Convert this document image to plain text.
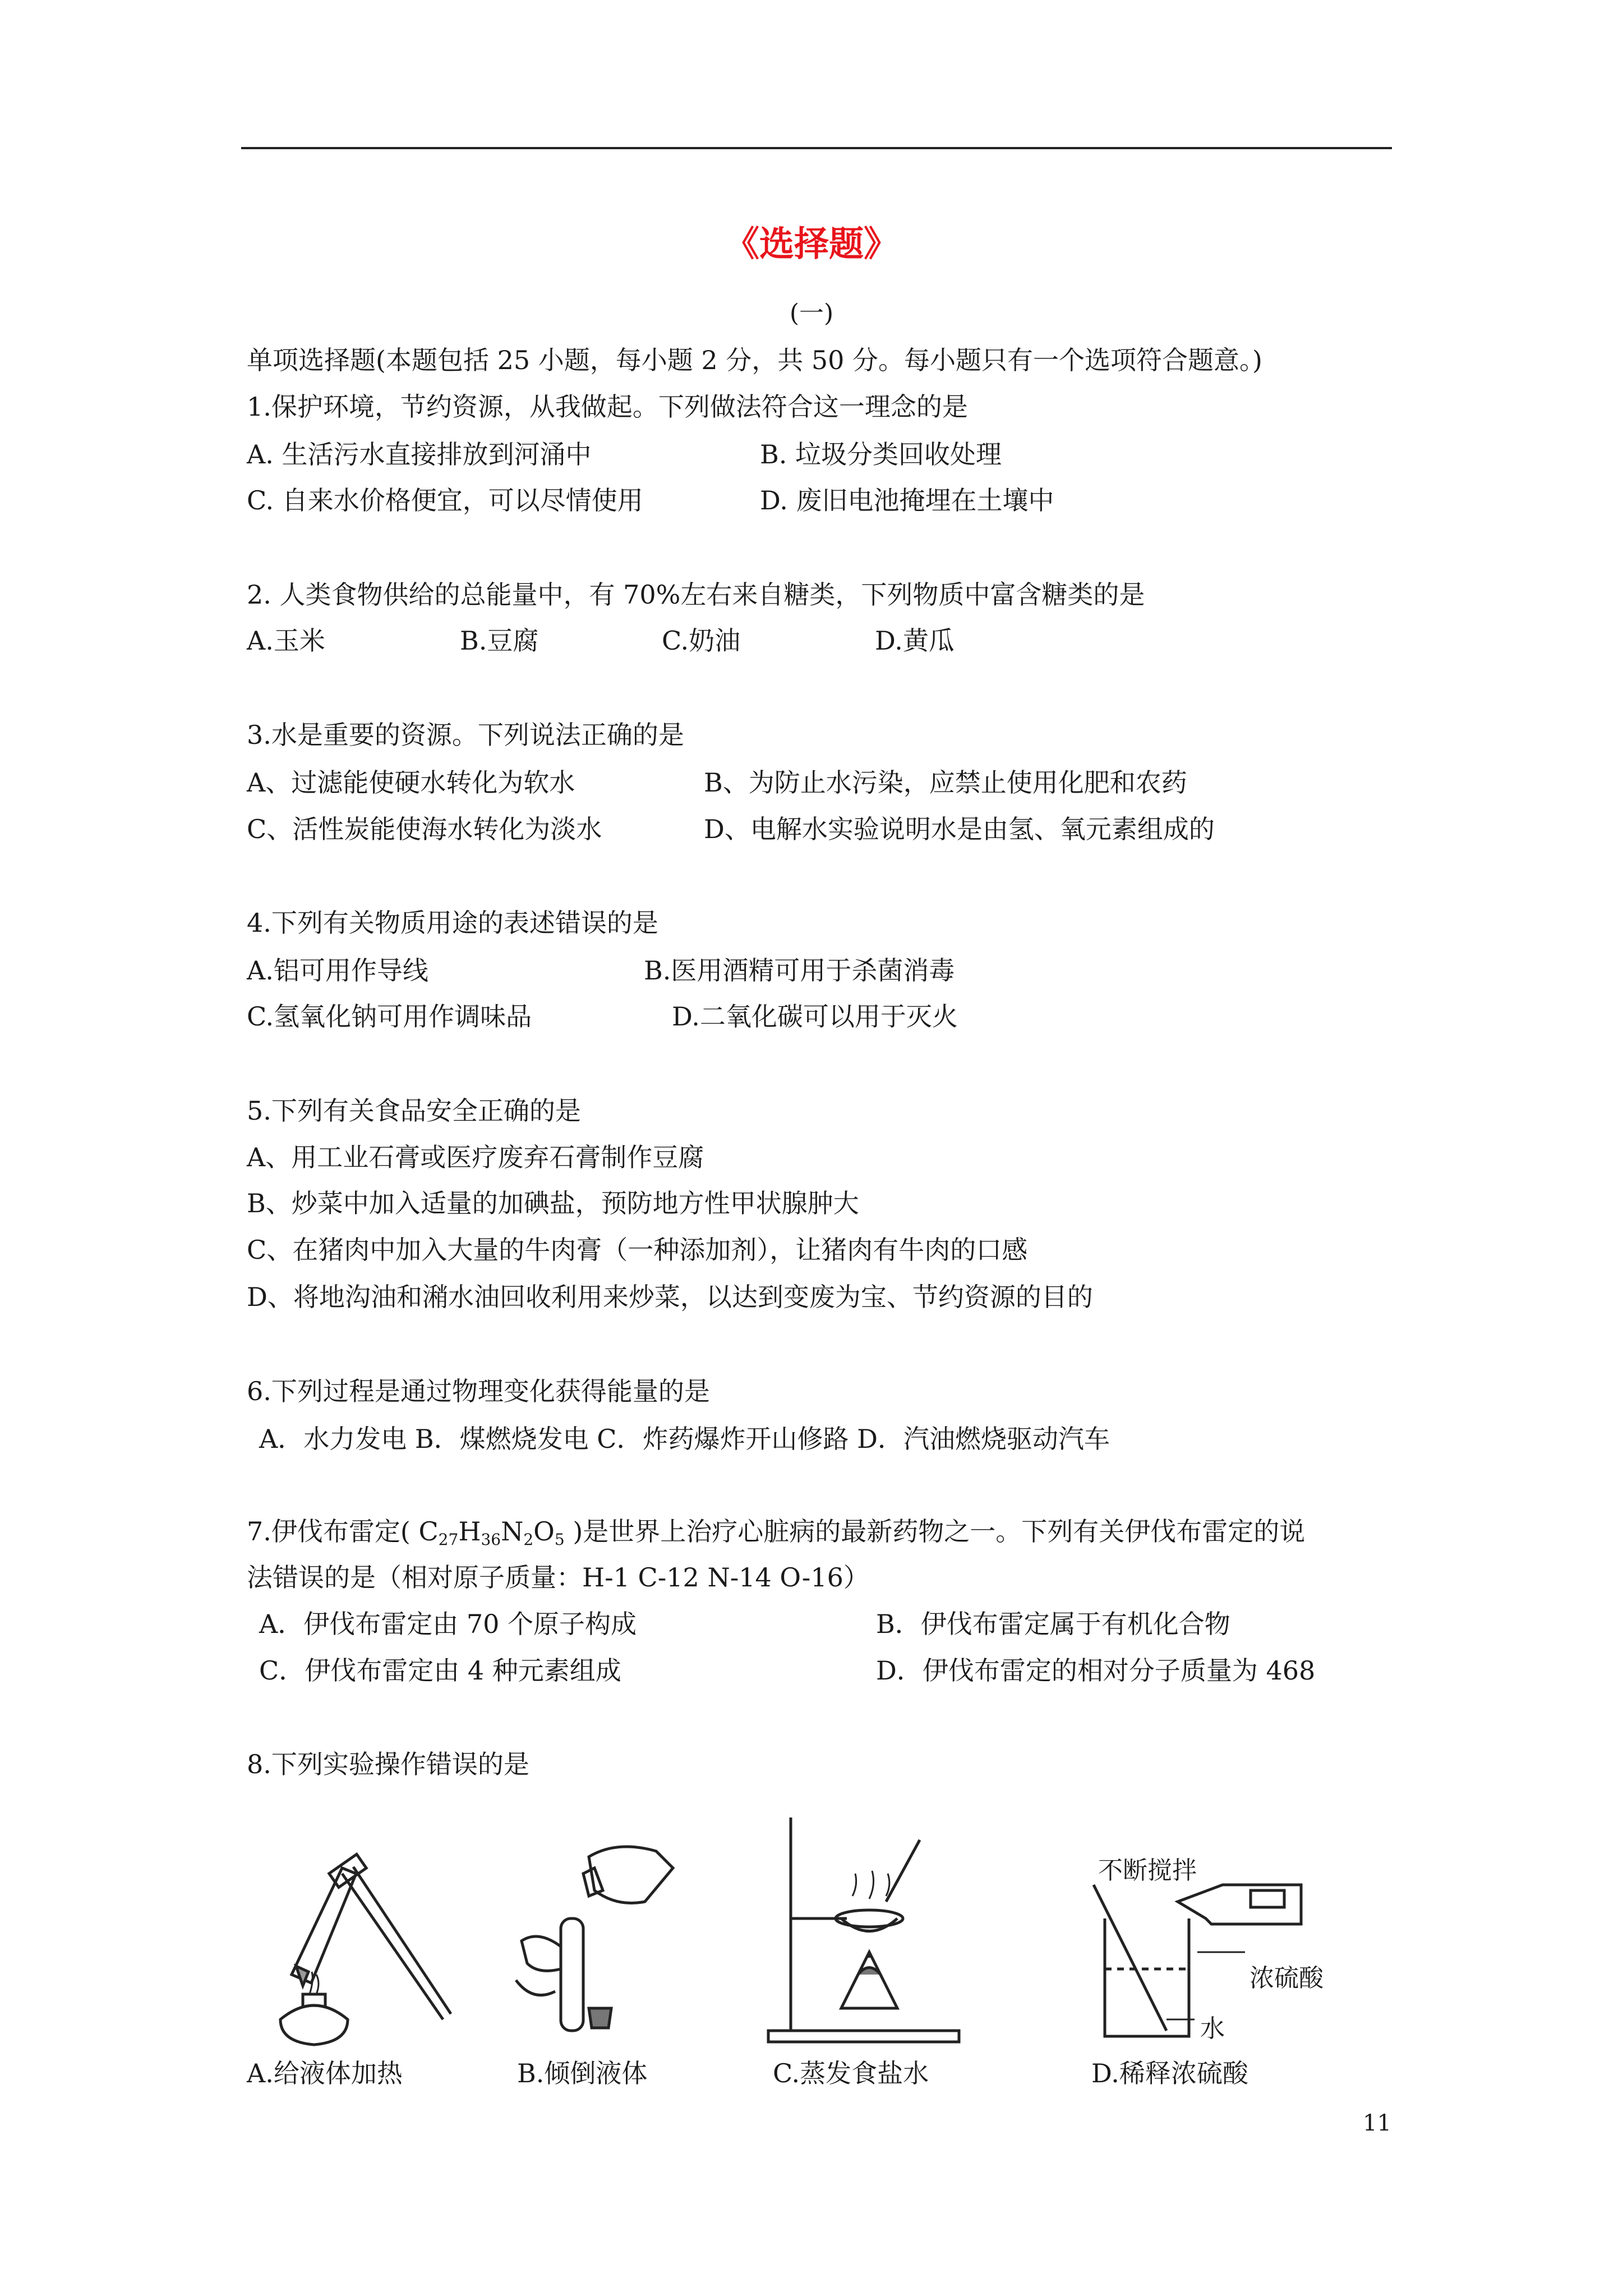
《选择题》
(一)
单项选择题(本题包括 25 小题，每小题 2 分，共 50 分。每小题只有一个选项符合题意。)
1.保护环境，节约资源，从我做起。下列做法符合这一理念的是
A. 生活污水直接排放到河涌中	B. 垃圾分类回收处理
C. 自来水价格便宜，可以尽情使用	D. 废旧电池掩埋在土壤中
2. 人类食物供给的总能量中，有 70%左右来自糖类，下列物质中富含糖类的是
A.玉米	B.豆腐	C.奶油	D.黄瓜
3.水是重要的资源。下列说法正确的是
A、过滤能使硬水转化为软水	B、为防止水污染，应禁止使用化肥和农药
C、活性炭能使海水转化为淡水	D、电解水实验说明水是由氢、氧元素组成的
4.下列有关物质用途的表述错误的是
A.铝可用作导线	B.医用酒精可用于杀菌消毒
C.氢氧化钠可用作调味品	D.二氧化碳可以用于灭火
5.下列有关食品安全正确的是
A、用工业石膏或医疗废弃石膏制作豆腐
B、炒菜中加入适量的加碘盐，预防地方性甲状腺肿大
C、在猪肉中加入大量的牛肉膏（一种添加剂），让猪肉有牛肉的口感
D、将地沟油和潲水油回收利用来炒菜，以达到变废为宝、节约资源的目的
6.下列过程是通过物理变化获得能量的是
A．水力发电 B．煤燃烧发电 C．炸药爆炸开山修路 D．汽油燃烧驱动汽车
7.伊伐布雷定( $C_{27}H_{36}N_2O_5$ )是世界上治疗心脏病的最新药物之一。下列有关伊伐布雷定的说
法错误的是（相对原子质量：H-1 C-12 N-14 O-16）
A．伊伐布雷定由 70 个原子构成	B．伊伐布雷定属于有机化合物
C．伊伐布雷定由 4 种元素组成	D．伊伐布雷定的相对分子质量为 468
8.下列实验操作错误的是
A.给液体加热	B.倾倒液体	C.蒸发食盐水
不断搅拌
浓硫酸
水
D.稀释浓硫酸
11
